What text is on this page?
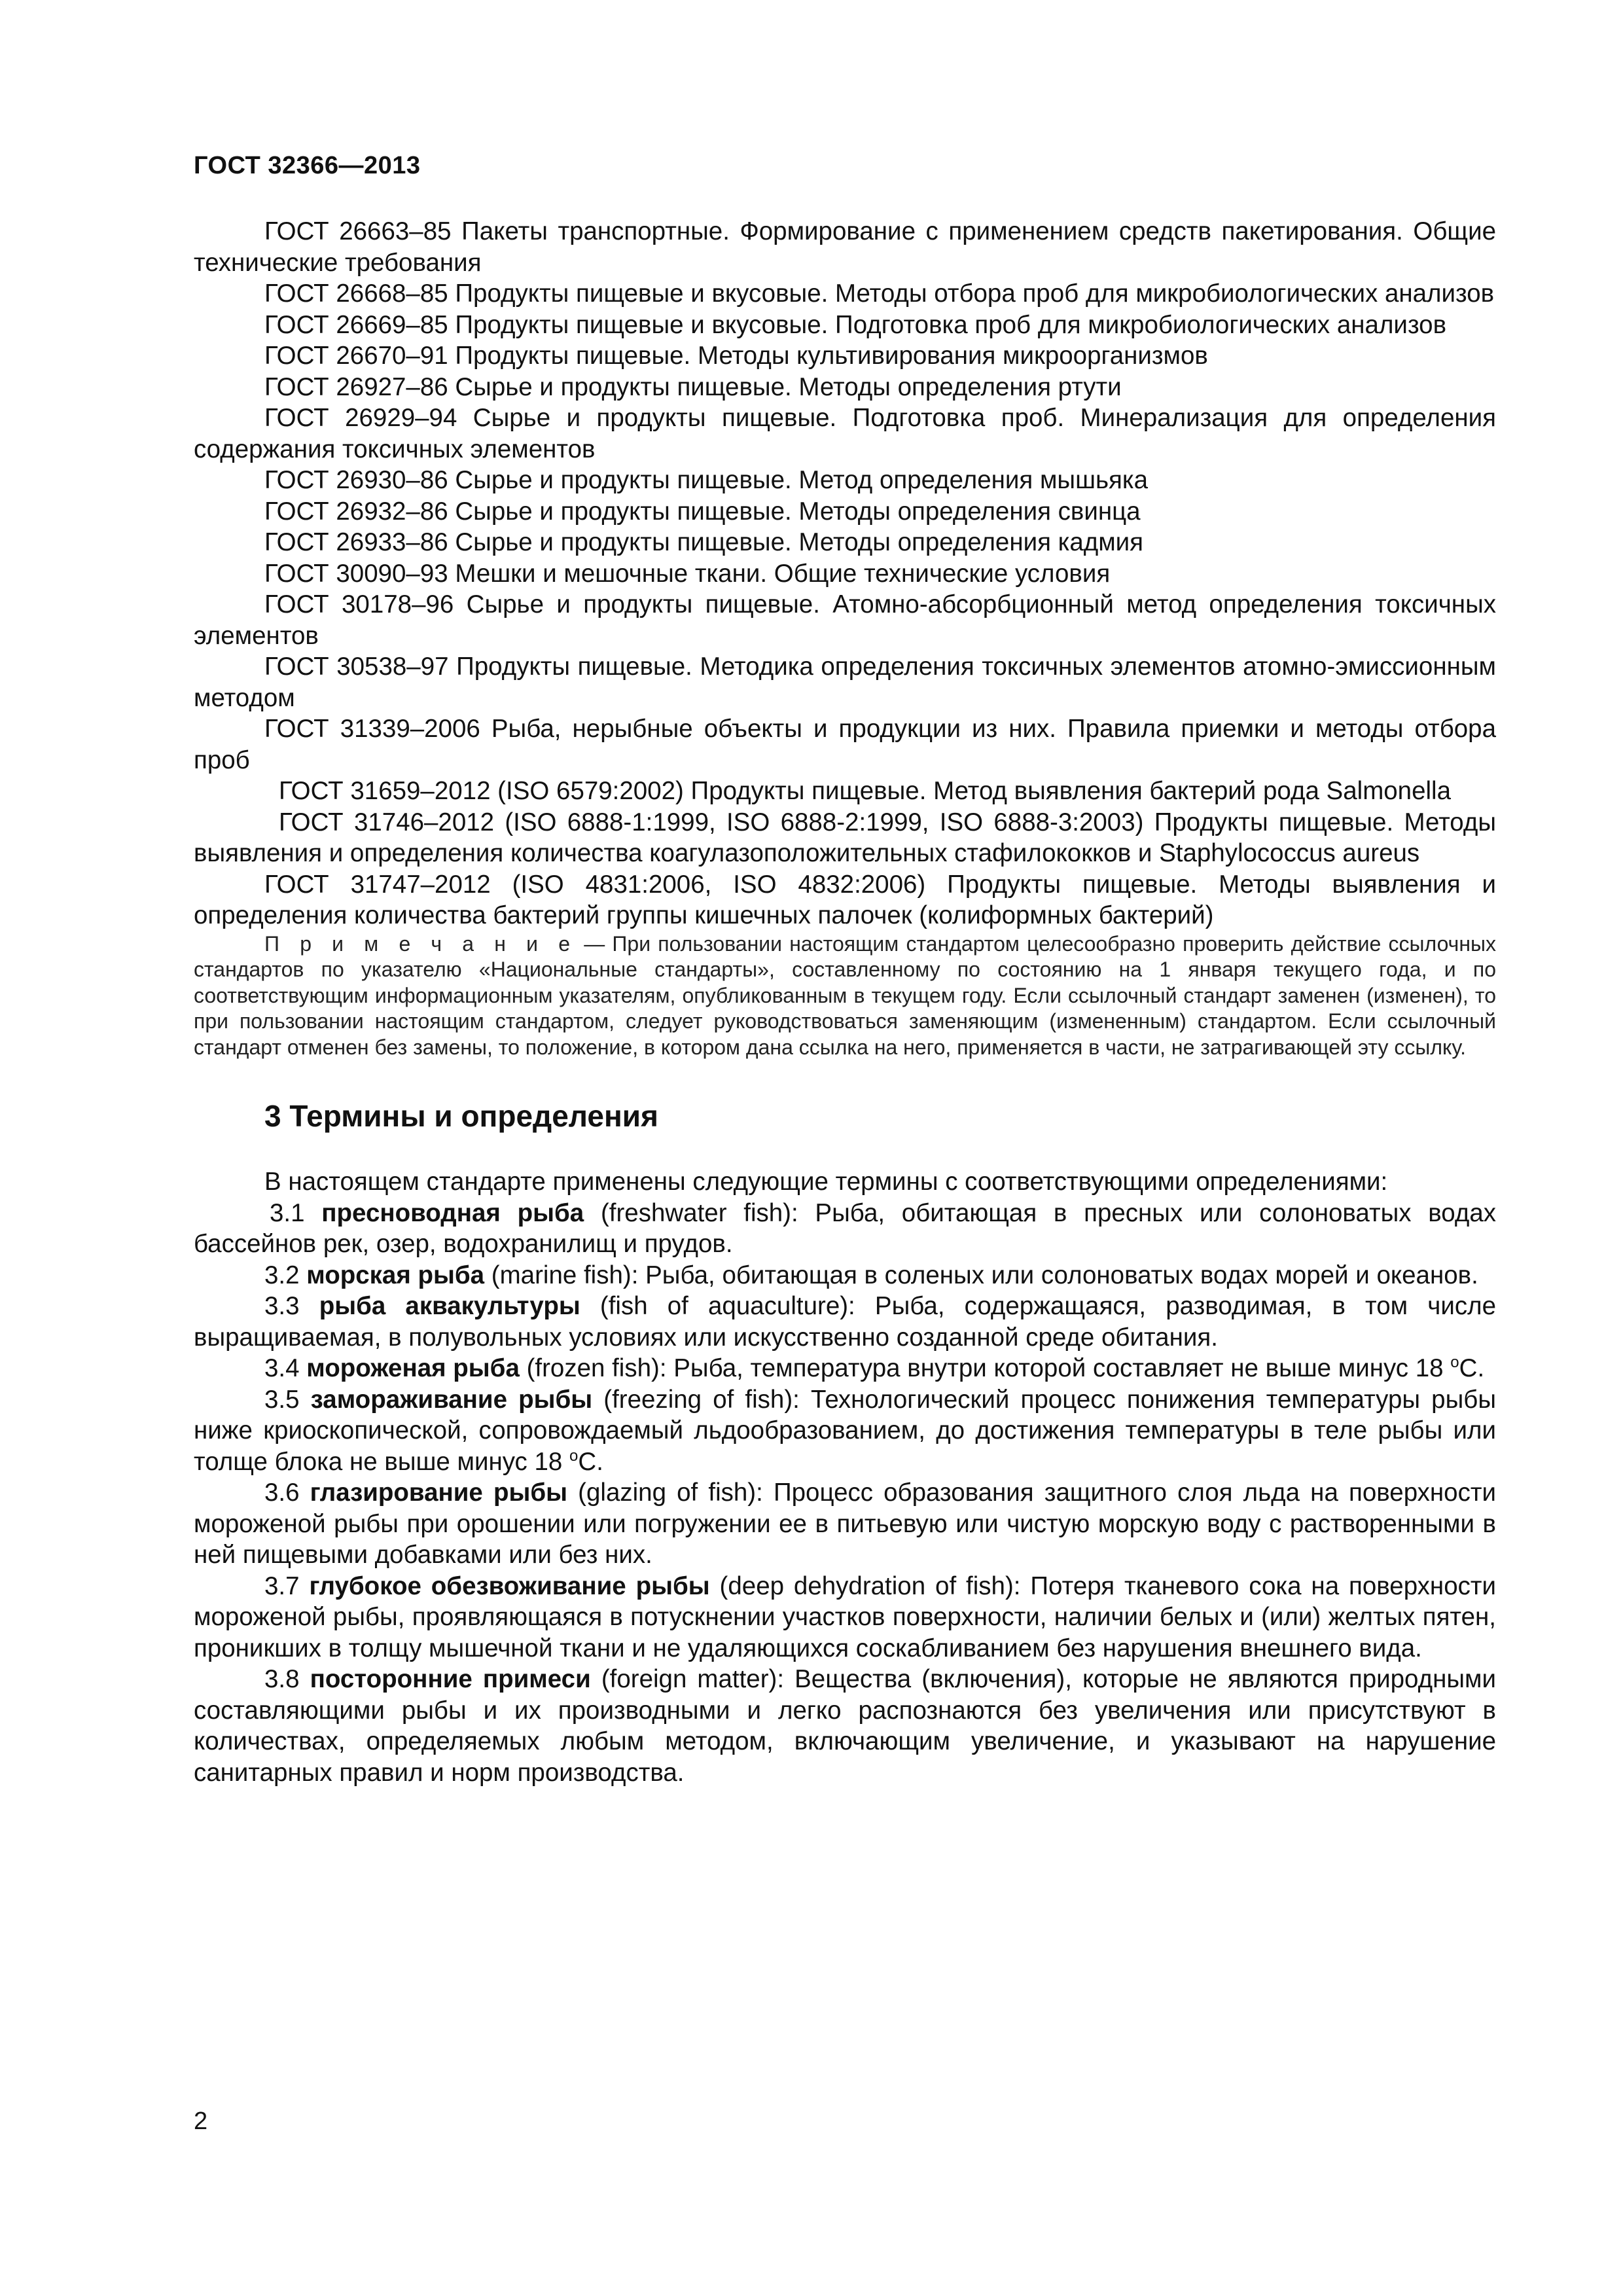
ГОСТ 32366—2013

ГОСТ 26663–85 Пакеты транспортные. Формирование с применением средств пакетирования. Общие технические требования

ГОСТ 26668–85 Продукты пищевые и вкусовые. Методы отбора проб для микробиологических анализов

ГОСТ 26669–85 Продукты пищевые и вкусовые. Подготовка проб для микробиологических анализов

ГОСТ 26670–91 Продукты пищевые. Методы культивирования микроорганизмов

ГОСТ 26927–86 Сырье и продукты пищевые. Методы определения ртути

ГОСТ 26929–94 Сырье и продукты пищевые. Подготовка проб. Минерализация для определения содержания токсичных элементов

ГОСТ 26930–86 Сырье и продукты пищевые. Метод определения мышьяка

ГОСТ 26932–86 Сырье и продукты пищевые. Методы определения свинца

ГОСТ 26933–86 Сырье и продукты пищевые. Методы определения кадмия

ГОСТ 30090–93 Мешки и мешочные ткани. Общие технические условия

ГОСТ 30178–96 Сырье и продукты пищевые. Атомно-абсорбционный метод определения токсичных элементов

ГОСТ 30538–97 Продукты пищевые. Методика определения токсичных элементов атомно-эмиссионным методом

ГОСТ 31339–2006 Рыба, нерыбные объекты и продукции из них. Правила приемки и методы отбора проб

ГОСТ 31659–2012 (ISO 6579:2002) Продукты пищевые. Метод выявления бактерий рода Salmonella

ГОСТ 31746–2012 (ISO 6888-1:1999, ISO 6888-2:1999, ISO 6888-3:2003) Продукты пищевые. Методы выявления и определения количества коагулазоположительных стафилококков и Staphylococcus aureus

ГОСТ 31747–2012 (ISO 4831:2006, ISO 4832:2006) Продукты пищевые. Методы выявления и определения количества бактерий группы кишечных палочек (колиформных бактерий)

П р и м е ч а н и е — При пользовании настоящим стандартом целесообразно проверить действие ссылочных стандартов по указателю «Национальные стандарты», составленному по состоянию на 1 января текущего года, и по соответствующим информационным указателям, опубликованным в текущем году. Если ссылочный стандарт заменен (изменен), то при пользовании настоящим стандартом, следует руководствоваться заменяющим (измененным) стандартом. Если ссылочный стандарт отменен без замены, то положение, в котором дана ссылка на него, применяется в части, не затрагивающей эту ссылку.

3 Термины и определения

В настоящем стандарте применены следующие термины с соответствующими определениями:

3.1 пресноводная рыба (freshwater fish): Рыба, обитающая в пресных или солоноватых водах бассейнов рек, озер, водохранилищ и прудов.

3.2 морская рыба (marine fish): Рыба, обитающая в соленых или солоноватых водах морей и океанов.

3.3 рыба аквакультуры (fish of aquaculture): Рыба, содержащаяся, разводимая, в том числе выращиваемая, в полувольных условиях или искусственно созданной среде обитания.

3.4 мороженая рыба (frozen fish): Рыба, температура внутри которой составляет не выше минус 18 $^o$С.

3.5 замораживание рыбы (freezing of fish): Технологический процесс понижения температуры рыбы ниже криоскопической, сопровождаемый льдообразованием, до достижения температуры в теле рыбы или толще блока не выше минус 18 $^o$С.

3.6 глазирование рыбы (glazing of fish): Процесс образования защитного слоя льда на поверхности мороженой рыбы при орошении или погружении ее в питьевую или чистую морскую воду с растворенными в ней пищевыми добавками или без них.

3.7 глубокое обезвоживание рыбы (deep dehydration of fish): Потеря тканевого сока на поверхности мороженой рыбы, проявляющаяся в потускнении участков поверхности, наличии белых и (или) желтых пятен, проникших в толщу мышечной ткани и не удаляющихся соскабливанием без нарушения внешнего вида.

3.8 посторонние примеси (foreign matter): Вещества (включения), которые не являются природными составляющими рыбы и их производными и легко распознаются без увеличения или присутствуют в количествах, определяемых любым методом, включающим увеличение, и указывают на нарушение санитарных правил и норм производства.

2
